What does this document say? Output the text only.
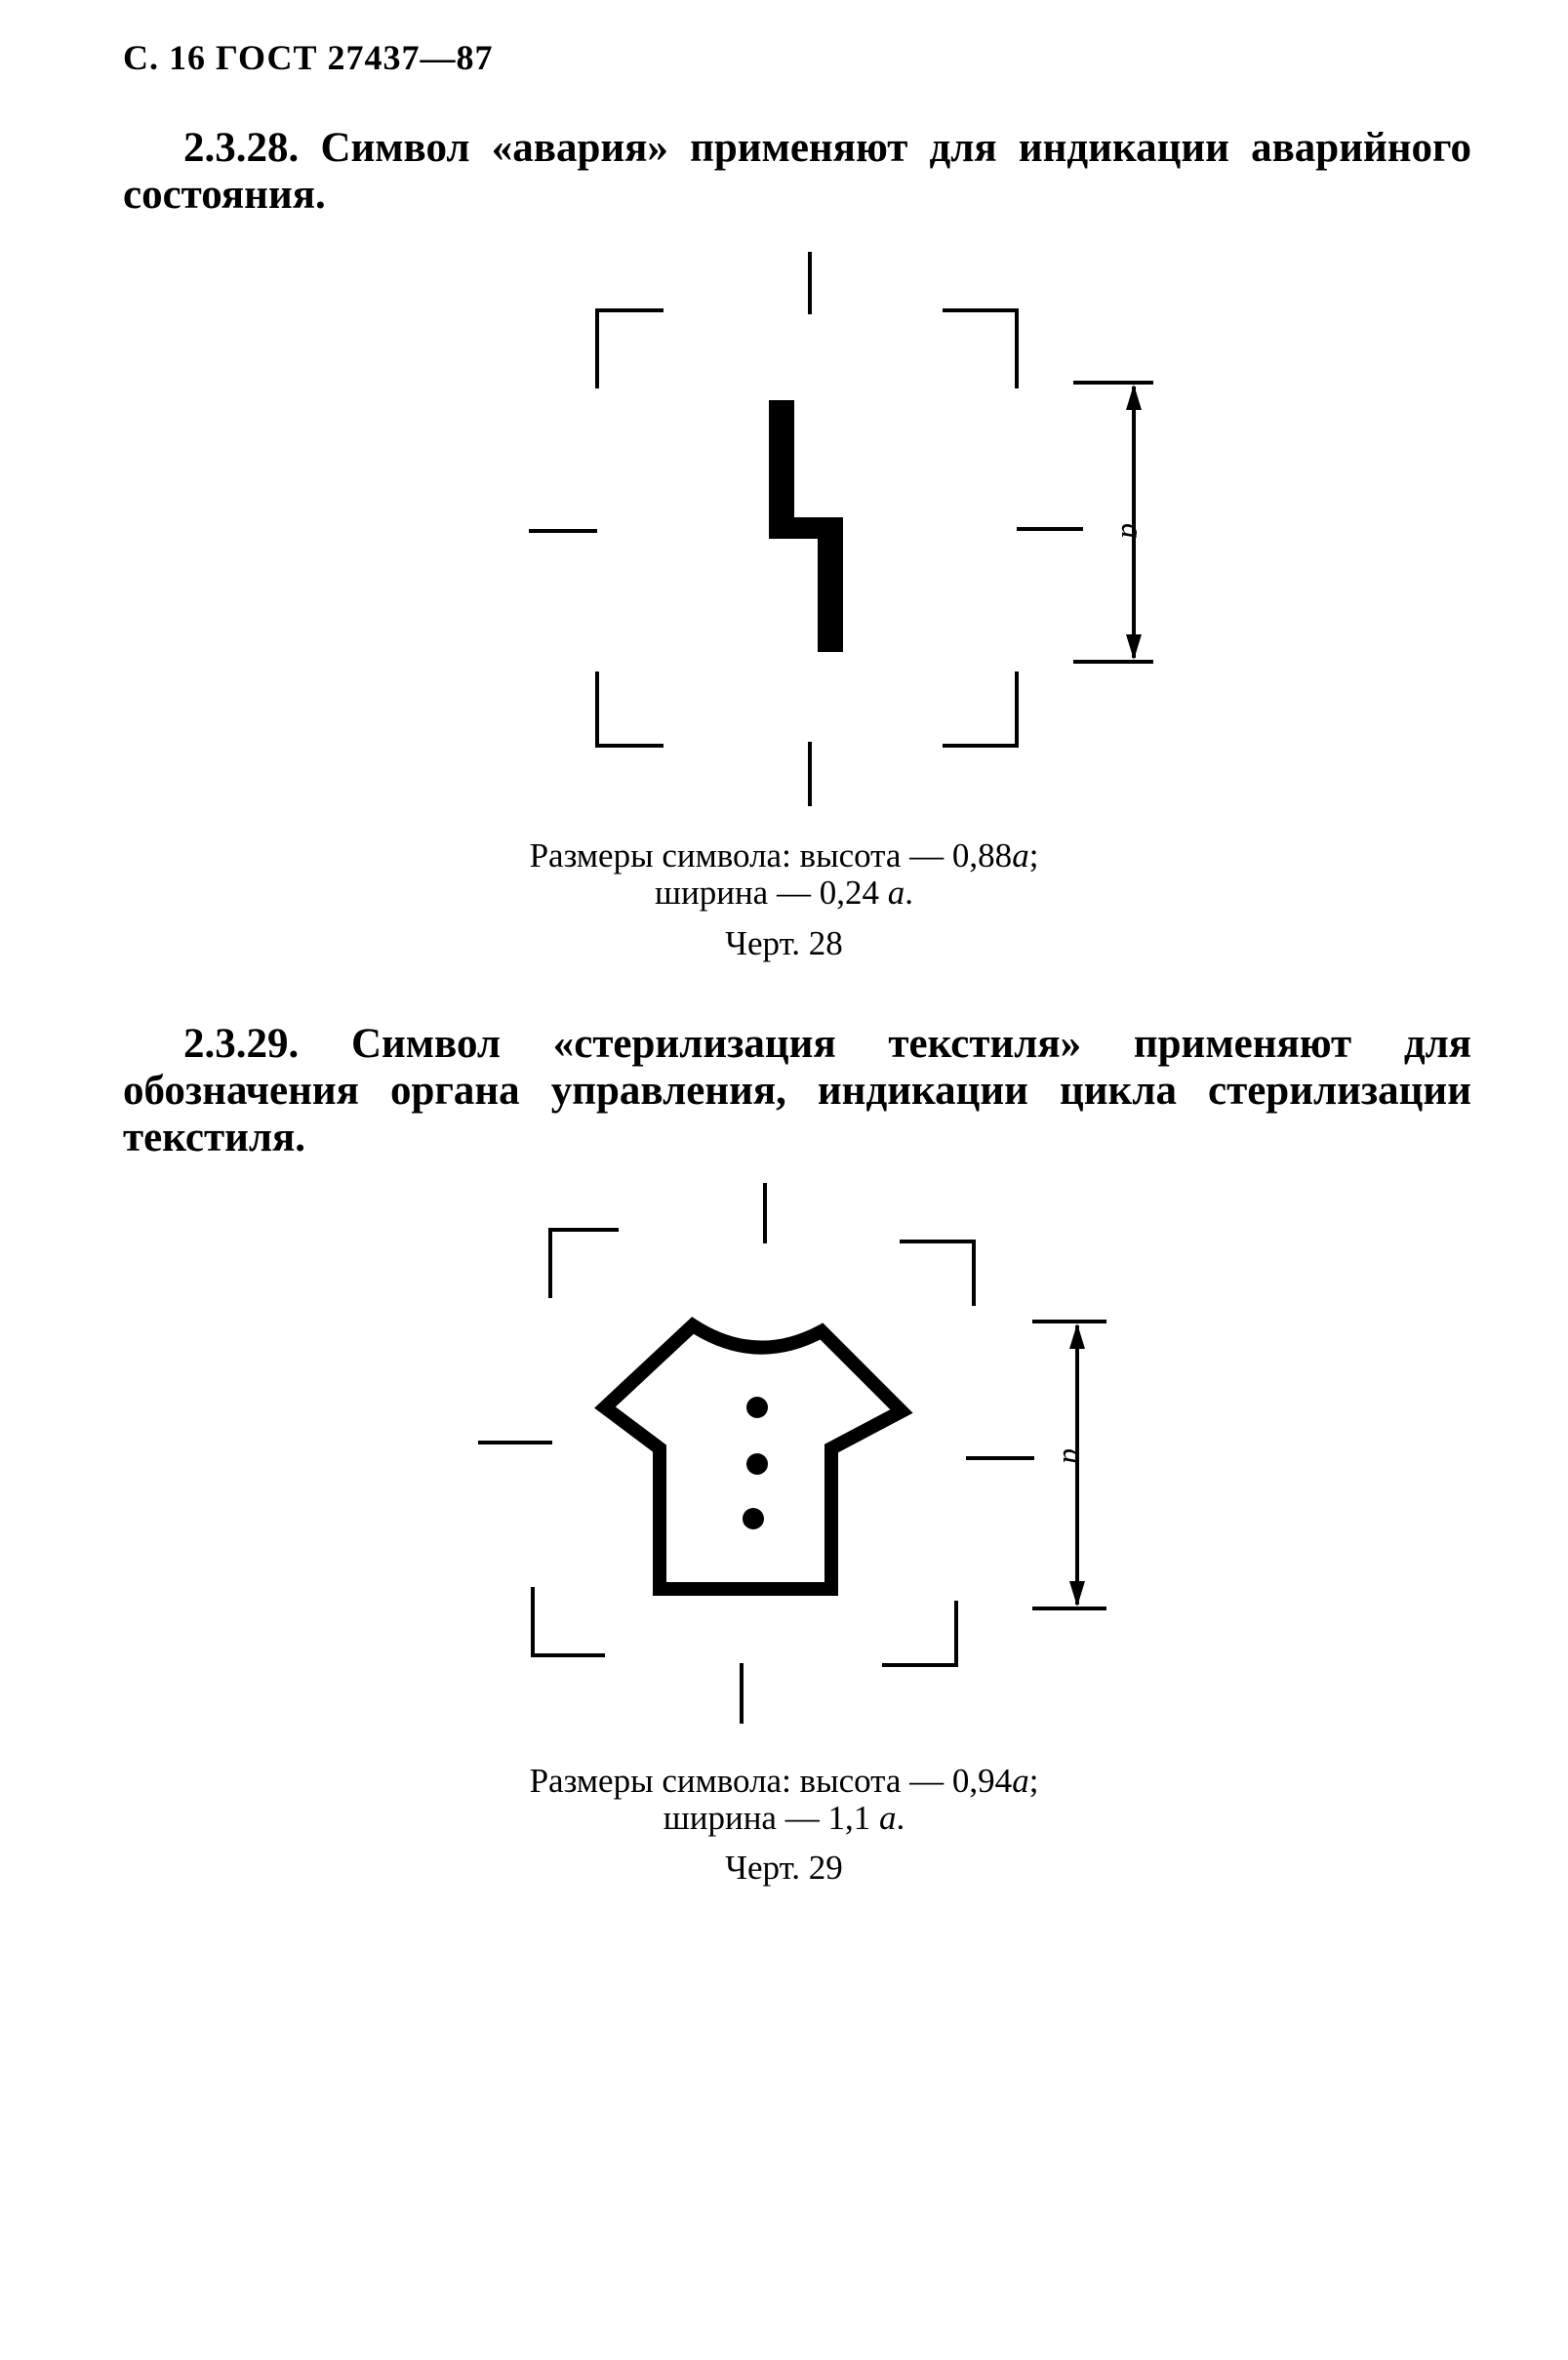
С. 16 ГОСТ 27437—87

2.3.28. Символ «авария» применяют для индикации аварийного состояния.

a
Размеры символа: высота — 0,88a;
ширина — 0,24 a.
Черт. 28

2.3.29. Символ «стерилизация текстиля» применяют для обозначения органа управления, индикации цикла стерилизации текстиля.

a
Размеры символа: высота — 0,94a;
ширина — 1,1 a.
Черт. 29
